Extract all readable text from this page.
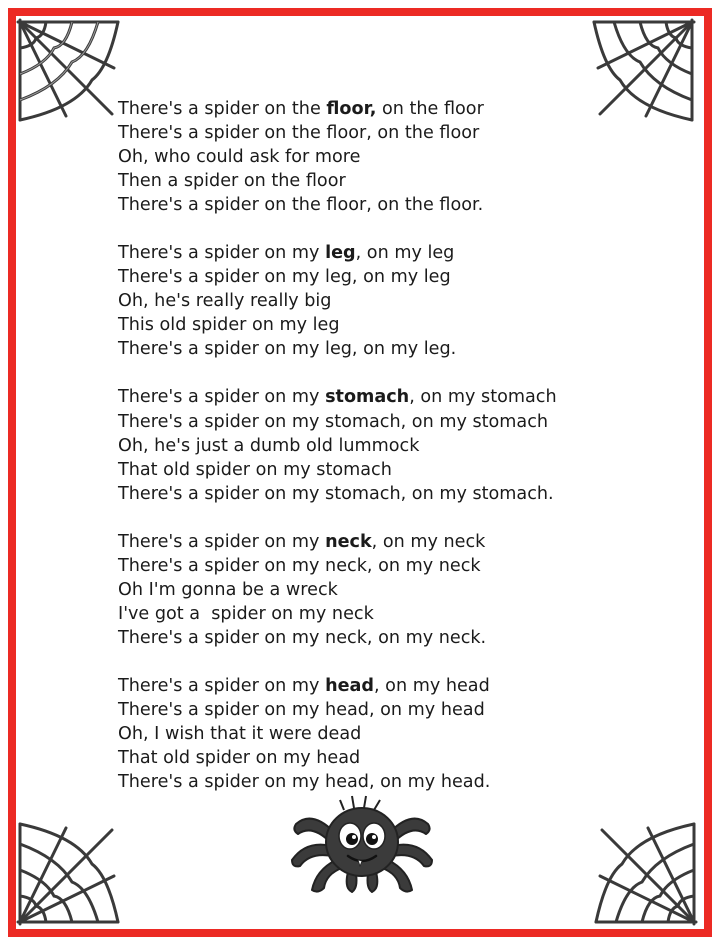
There's a spider on the floor, on the floor
There's a spider on the floor, on the floor
Oh, who could ask for more
Then a spider on the floor
There's a spider on the floor, on the floor.
There's a spider on my leg, on my leg
There's a spider on my leg, on my leg
Oh, he's really really big
This old spider on my leg
There's a spider on my leg, on my leg.
There's a spider on my stomach, on my stomach
There's a spider on my stomach, on my stomach
Oh, he's just a dumb old lummock
That old spider on my stomach
There's a spider on my stomach, on my stomach.
There's a spider on my neck, on my neck
There's a spider on my neck, on my neck
Oh I'm gonna be a wreck
I've got a  spider on my neck
There's a spider on my neck, on my neck.
There's a spider on my head, on my head
There's a spider on my head, on my head
Oh, I wish that it were dead
That old spider on my head
There's a spider on my head, on my head.
